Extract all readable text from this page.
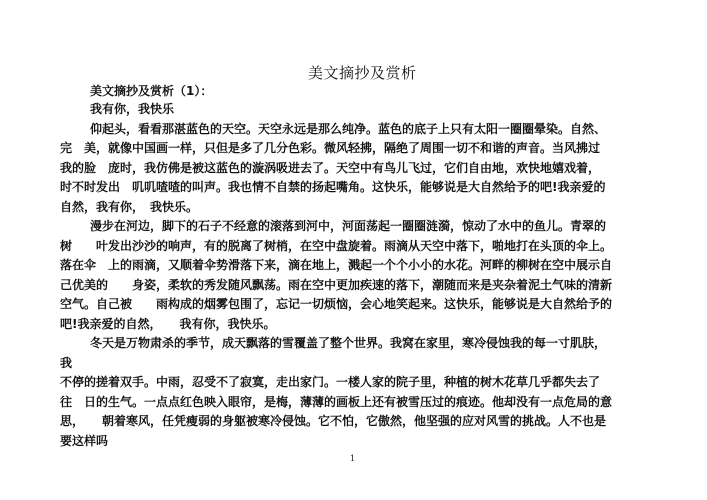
美文摘抄及赏析
美文摘抄及赏析（1）：
我有你，我快乐
仰起头，看看那湛蓝色的天空。天空永远是那么纯净。蓝色的底子上只有太阳一圈圈晕染。自然、
完　美，就像中国画一样，只但是多了几分色彩。微风轻拂，隔绝了周围一切不和谐的声音。当风拂过
我的脸　庞时，我仿佛是被这蓝色的漩涡吸进去了。天空中有鸟儿飞过，它们自由地，欢快地嬉戏着，
时不时发出　叽叽喳喳的叫声。我也情不自禁的扬起嘴角。这快乐，能够说是大自然给予的吧!我亲爱的
自然，我有你，　我快乐。
漫步在河边，脚下的石子不经意的滚落到河中，河面荡起一圈圈涟漪，惊动了水中的鱼儿。青翠的
树　　叶发出沙沙的响声，有的脱离了树梢，在空中盘旋着。雨滴从天空中落下，啪地打在头顶的伞上。
落在伞　上的雨滴，又顺着伞势滑落下来，滴在地上，溅起一个个小小的水花。河畔的柳树在空中展示自
己优美的　　身姿，柔软的秀发随风飘荡。雨在空中更加疾速的落下，潮随而来是夹杂着泥土气味的清新
空气。自己被　　雨构成的烟雾包围了，忘记一切烦恼，会心地笑起来。这快乐，能够说是大自然给予的
吧!我亲爱的自然，　　我有你，我快乐。
冬天是万物肃杀的季节，成天飘落的雪覆盖了整个世界。我窝在家里，寒冷侵蚀我的每一寸肌肤，
我
不停的搓着双手。中雨，忍受不了寂寞，走出家门。一楼人家的院子里，种植的树木花草几乎都失去了
往　日的生气。一点点红色映入眼帘，是梅，薄薄的画板上还有被雪压过的痕迹。他却没有一点危局的意
思，　　朝着寒风，任凭瘦弱的身躯被寒冷侵蚀。它不怕，它傲然，他坚强的应对风雪的挑战。人不也是
要这样吗
1
